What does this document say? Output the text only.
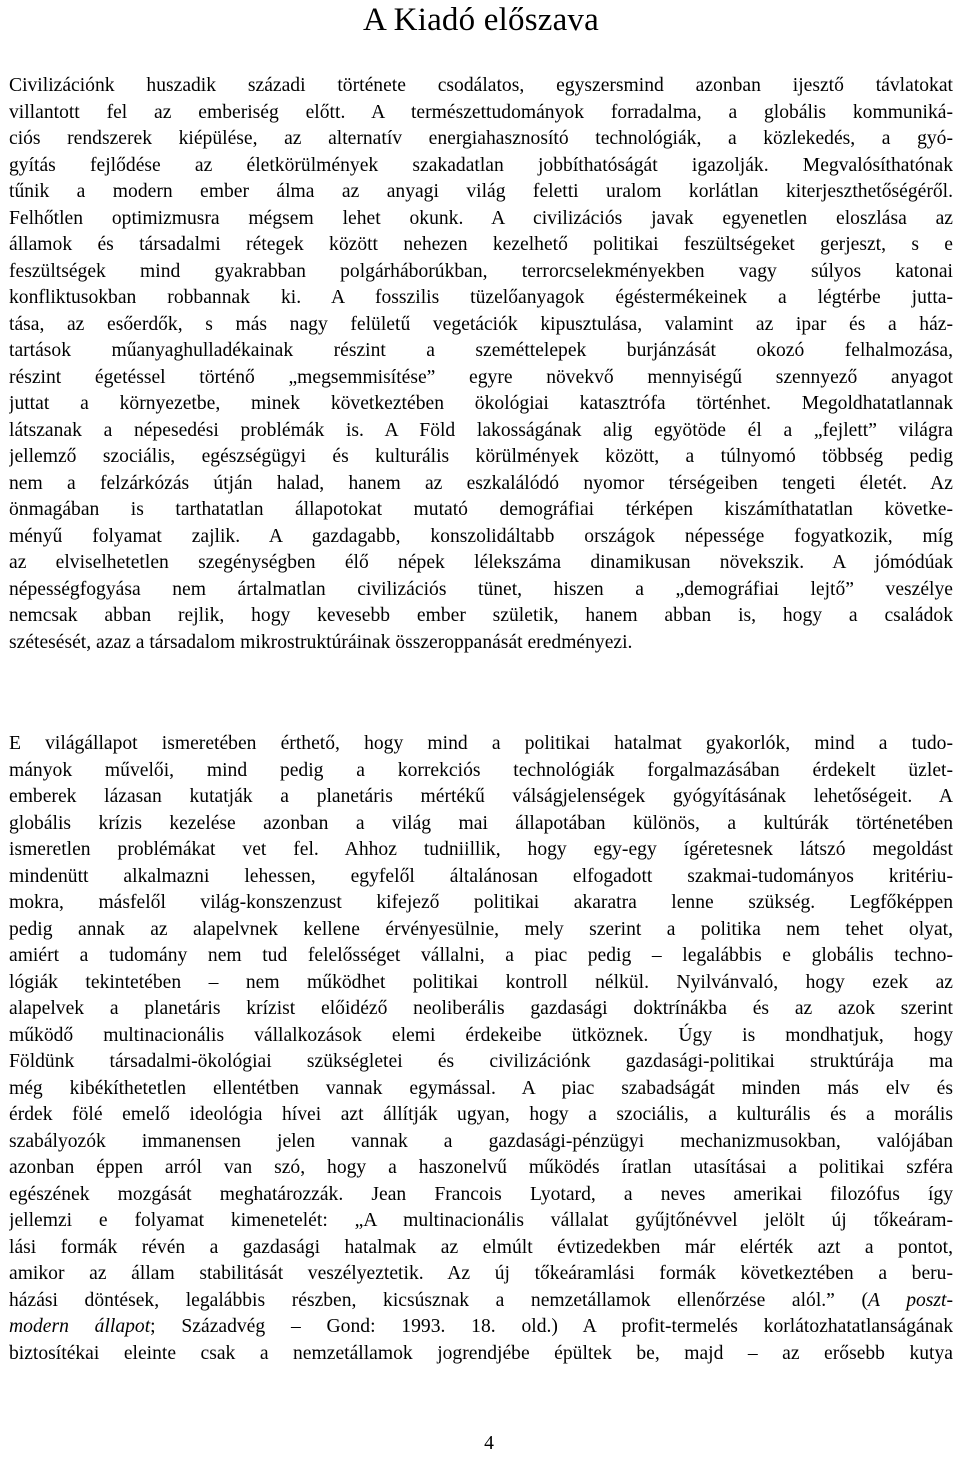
A Kiadó előszava
Civilizációnk huszadik századi története csodálatos, egyszersmind azonban ijesztő távlatokat
villantott fel az emberiség előtt. A természettudományok forradalma, a globális kommuniká-
ciós rendszerek kiépülése, az alternatív energiahasznosító technológiák, a közlekedés, a gyó-
gyítás fejlődése az életkörülmények szakadatlan jobbíthatóságát igazolják. Megvalósíthatónak
tűnik a modern ember álma az anyagi világ feletti uralom korlátlan kiterjeszthetőségéről.
Felhőtlen optimizmusra mégsem lehet okunk. A civilizációs javak egyenetlen eloszlása az
államok és társadalmi rétegek között nehezen kezelhető politikai feszültségeket gerjeszt, s e
feszültségek mind gyakrabban polgárháborúkban, terrorcselekményekben vagy súlyos katonai
konfliktusokban robbannak ki. A fosszilis tüzelőanyagok égéstermékeinek a légtérbe jutta-
tása, az esőerdők, s más nagy felületű vegetációk kipusztulása, valamint az ipar és a ház-
tartások műanyaghulladékainak részint a szeméttelepek burjánzását okozó felhalmozása,
részint égetéssel történő „megsemmisítése” egyre növekvő mennyiségű szennyező anyagot
juttat a környezetbe, minek következtében ökológiai katasztrófa történhet. Megoldhatatlannak
látszanak a népesedési problémák is. A Föld lakosságának alig egyötöde él a „fejlett” világra
jellemző szociális, egészségügyi és kulturális körülmények között, a túlnyomó többség pedig
nem a felzárkózás útján halad, hanem az eszkalálódó nyomor térségeiben tengeti életét. Az
önmagában is tarthatatlan állapotokat mutató demográfiai térképen kiszámíthatatlan követke-
ményű folyamat zajlik. A gazdagabb, konszolidáltabb országok népessége fogyatkozik, míg
az elviselhetetlen szegénységben élő népek lélekszáma dinamikusan növekszik. A jómódúak
népességfogyása nem ártalmatlan civilizációs tünet, hiszen a „demográfiai lejtő” veszélye
nemcsak abban rejlik, hogy kevesebb ember születik, hanem abban is, hogy a családok
szétesését, azaz a társadalom mikrostruktúráinak összeroppanását eredményezi.
E világállapot ismeretében érthető, hogy mind a politikai hatalmat gyakorlók, mind a tudo-
mányok művelői, mind pedig a korrekciós technológiák forgalmazásában érdekelt üzlet-
emberek lázasan kutatják a planetáris mértékű válságjelenségek gyógyításának lehetőségeit. A
globális krízis kezelése azonban a világ mai állapotában különös, a kultúrák történetében
ismeretlen problémákat vet fel. Ahhoz tudniillik, hogy egy-egy ígéretesnek látszó megoldást
mindenütt alkalmazni lehessen, egyfelől általánosan elfogadott szakmai-tudományos kritériu-
mokra, másfelől világ-konszenzust kifejező politikai akaratra lenne szükség. Legfőképpen
pedig annak az alapelvnek kellene érvényesülnie, mely szerint a politika nem tehet olyat,
amiért a tudomány nem tud felelősséget vállalni, a piac pedig – legalábbis e globális techno-
lógiák tekintetében – nem működhet politikai kontroll nélkül. Nyilvánvaló, hogy ezek az
alapelvek a planetáris krízist előidéző neoliberális gazdasági doktrínákba és az azok szerint
működő multinacionális vállalkozások elemi érdekeibe ütköznek. Úgy is mondhatjuk, hogy
Földünk társadalmi-ökológiai szükségletei és civilizációnk gazdasági-politikai struktúrája ma
még kibékíthetetlen ellentétben vannak egymással. A piac szabadságát minden más elv és
érdek fölé emelő ideológia hívei azt állítják ugyan, hogy a szociális, a kulturális és a morális
szabályozók immanensen jelen vannak a gazdasági-pénzügyi mechanizmusokban, valójában
azonban éppen arról van szó, hogy a haszonelvű működés íratlan utasításai a politikai szféra
egészének mozgását meghatározzák. Jean Francois Lyotard, a neves amerikai filozófus így
jellemzi e folyamat kimenetelét: „A multinacionális vállalat gyűjtőnévvel jelölt új tőkeáram-
lási formák révén a gazdasági hatalmak az elmúlt évtizedekben már elérték azt a pontot,
amikor az állam stabilitását veszélyeztetik. Az új tőkeáramlási formák következtében a beru-
házási döntések, legalábbis részben, kicsúsznak a nemzetállamok ellenőrzése alól.” (A poszt-
modern állapot; Századvég – Gond: 1993. 18. old.) A profit-termelés korlátozhatatlanságának
biztosítékai eleinte csak a nemzetállamok jogrendjébe épültek be, majd – az erősebb kutya
4
